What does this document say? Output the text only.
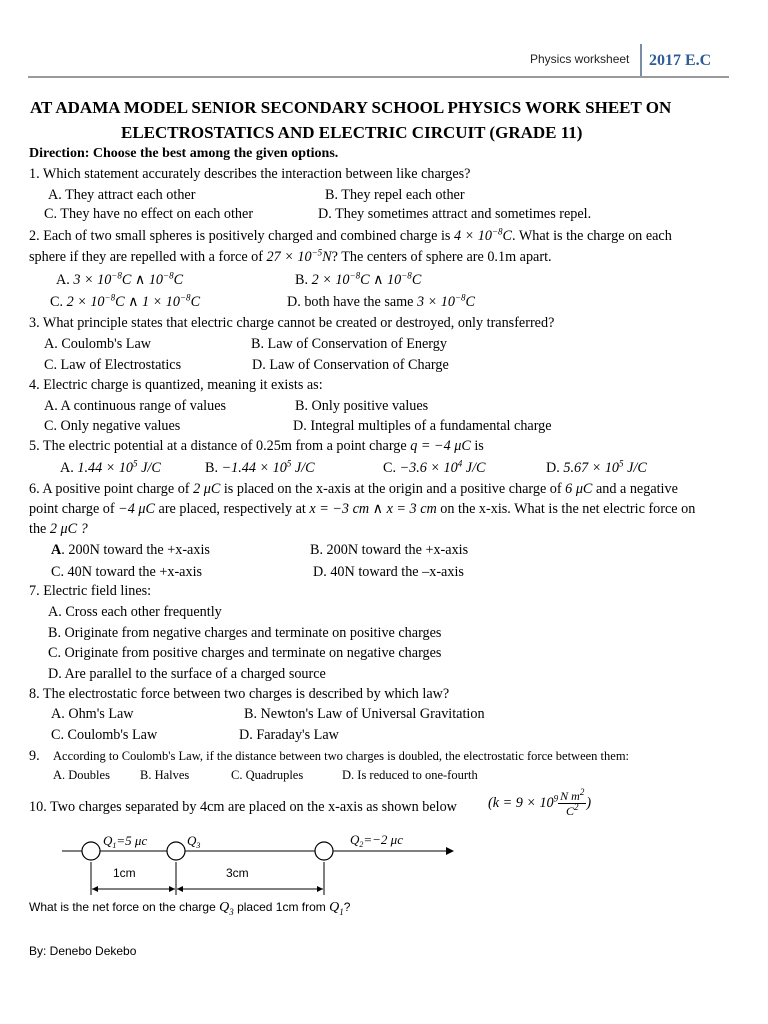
Physics worksheet 2017 E.C
AT ADAMA MODEL SENIOR SECONDARY SCHOOL PHYSICS WORK SHEET ON
ELECTROSTATICS AND ELECTRIC CIRCUIT (GRADE 11)
Direction: Choose the best among the given options.
1. Which statement accurately describes the interaction between like charges?
A. They attract each other	B. They repel each other
C. They have no effect on each other	D. They sometimes attract and sometimes repel.
2. Each of two small spheres is positively charged and combined charge is $4 \times 10^{-8}C$. What is the charge on each
sphere if they are repelled with a force of $27 \times 10^{-5}N$? The centers of sphere are 0.1m apart.
A. $3 \times 10^{-8}C$ ∧ $10^{-8}C$	B. $2 \times 10^{-8}C$ ∧ $10^{-8}C$
C. $2 \times 10^{-8}C$ ∧ $1 \times 10^{-8}C$	D. both have the same $3 \times 10^{-8}C$
3. What principle states that electric charge cannot be created or destroyed, only transferred?
A. Coulomb's Law	B. Law of Conservation of Energy
C. Law of Electrostatics	D. Law of Conservation of Charge
4. Electric charge is quantized, meaning it exists as:
A. A continuous range of values	B. Only positive values
C. Only negative values	D. Integral multiples of a fundamental charge
5. The electric potential at a distance of 0.25m from a point charge q = −4 μC is
A. $1.44 \times 10^5$ J/C	B. $-1.44 \times 10^5$ J/C	C. $-3.6 \times 10^4$ J/C	D. $5.67 \times 10^5$ J/C
6. A positive point charge of 2 μC is placed on the x-axis at the origin and a positive charge of 6 μC and a negative
point charge of −4 μC are placed, respectively at x = −3 cm ∧ x = 3 cm on the x-xis. What is the net electric force on
the 2 μC ?
A. 200N toward the +x-axis	B. 200N toward the +x-axis
C. 40N toward the +x-axis	D. 40N toward the –x-axis
7. Electric field lines:
A. Cross each other frequently
B. Originate from negative charges and terminate on positive charges
C. Originate from positive charges and terminate on negative charges
D. Are parallel to the surface of a charged source
8. The electrostatic force between two charges is described by which law?
A. Ohm's Law	B. Newton's Law of Universal Gravitation
C. Coulomb's Law	D. Faraday's Law
9. According to Coulomb's Law, if the distance between two charges is doubled, the electrostatic force between them:
A. Doubles B. Halves	C. Quadruples	D. Is reduced to one-fourth
10. Two charges separated by 4cm are placed on the x-axis as shown below ($k = 9 \times 10^9 \frac{N m^2}{C^2}$ )
$Q_1=5$ μc	$Q_3$	$Q_2=-2$ μc
1cm	3cm
What is the net force on the charge $Q_3$ placed 1cm from $Q_1$?
By: Denebo Dekebo
